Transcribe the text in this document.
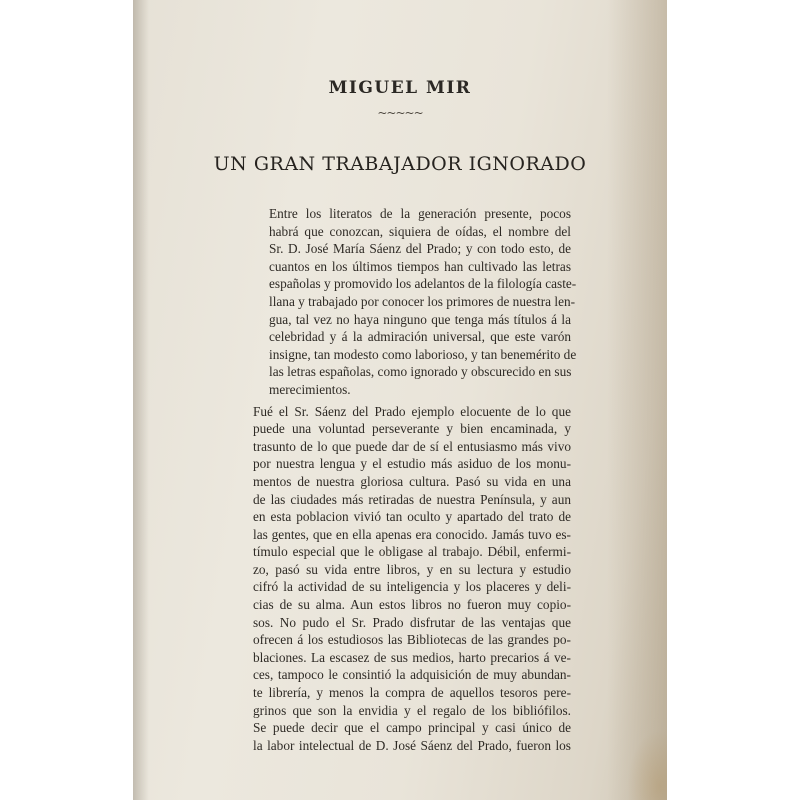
MIGUEL MIR
~~~~~
UN GRAN TRABAJADOR IGNORADO

Entre los literatos de la generación presente, pocos
habrá que conozcan, siquiera de oídas, el nombre del
Sr. D. José María Sáenz del Prado; y con todo esto, de
cuantos en los últimos tiempos han cultivado las letras
españolas y promovido los adelantos de la filología caste-
llana y trabajado por conocer los primores de nuestra len-
gua, tal vez no haya ninguno que tenga más títulos á la
celebridad y á la admiración universal, que este varón
insigne, tan modesto como laborioso, y tan benemérito de
las letras españolas, como ignorado y obscurecido en sus
merecimientos.

Fué el Sr. Sáenz del Prado ejemplo elocuente de lo que
puede una voluntad perseverante y bien encaminada, y
trasunto de lo que puede dar de sí el entusiasmo más vivo
por nuestra lengua y el estudio más asiduo de los monu-
mentos de nuestra gloriosa cultura. Pasó su vida en una
de las ciudades más retiradas de nuestra Península, y aun
en esta poblacion vivió tan oculto y apartado del trato de
las gentes, que en ella apenas era conocido. Jamás tuvo es-
tímulo especial que le obligase al trabajo. Débil, enfermi-
zo, pasó su vida entre libros, y en su lectura y estudio
cifró la actividad de su inteligencia y los placeres y deli-
cias de su alma. Aun estos libros no fueron muy copio-
sos. No pudo el Sr. Prado disfrutar de las ventajas que
ofrecen á los estudiosos las Bibliotecas de las grandes po-
blaciones. La escasez de sus medios, harto precarios á ve-
ces, tampoco le consintió la adquisición de muy abundan-
te librería, y menos la compra de aquellos tesoros pere-
grinos que son la envidia y el regalo de los bibliófilos.
Se puede decir que el campo principal y casi único de
la labor intelectual de D. José Sáenz del Prado, fueron los
